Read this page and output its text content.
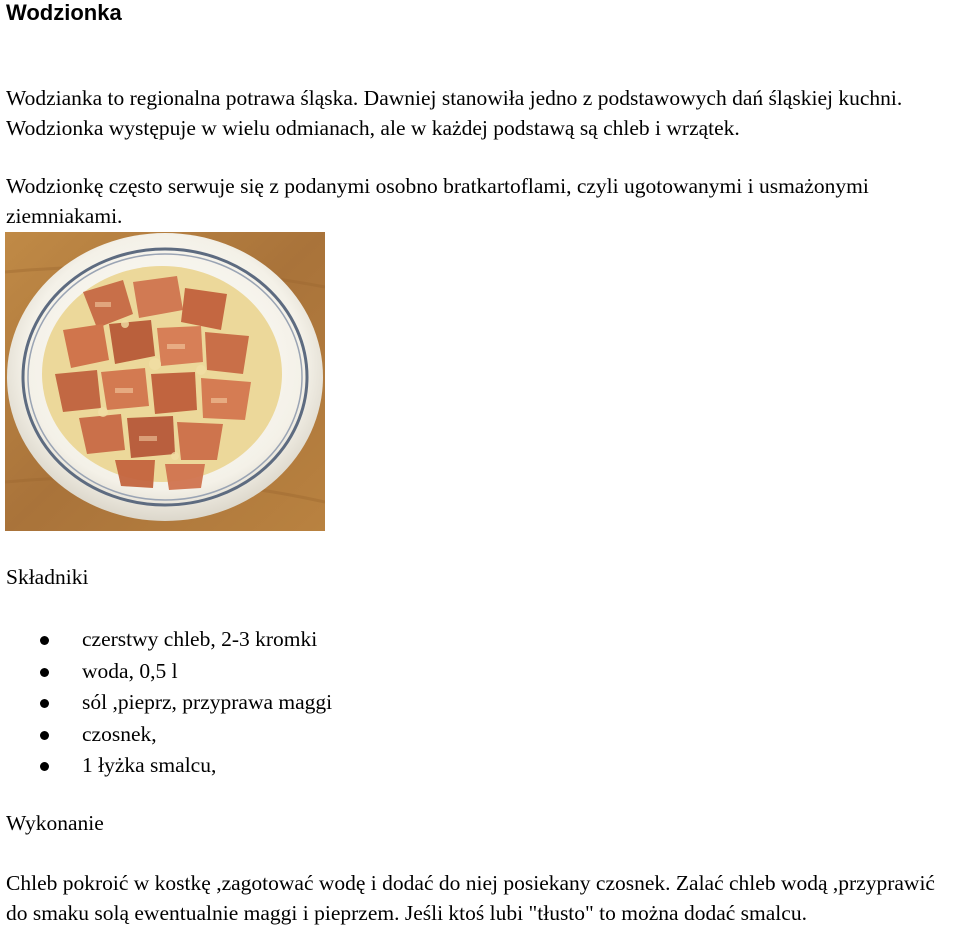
Wodzionka

Wodzianka to regionalna potrawa śląska. Dawniej stanowiła jedno z podstawowych dań śląskiej kuchni. Wodzionka występuje w wielu odmianach, ale w każdej podstawą są chleb i wrzątek.

Wodzionkę często serwuje się z podanymi osobno bratkartoflami, czyli ugotowanymi i usmażonymi ziemniakami.

Składniki
czerstwy chleb, 2-3 kromki
woda, 0,5 l
sól ,pieprz, przyprawa maggi
czosnek,
1 łyżka smalcu,
Wykonanie

Chleb pokroić w kostkę ,zagotować wodę i dodać do niej posiekany czosnek. Zalać chleb wodą ,przyprawić do smaku solą ewentualnie maggi i pieprzem. Jeśli ktoś lubi "tłusto" to można dodać smalcu.
